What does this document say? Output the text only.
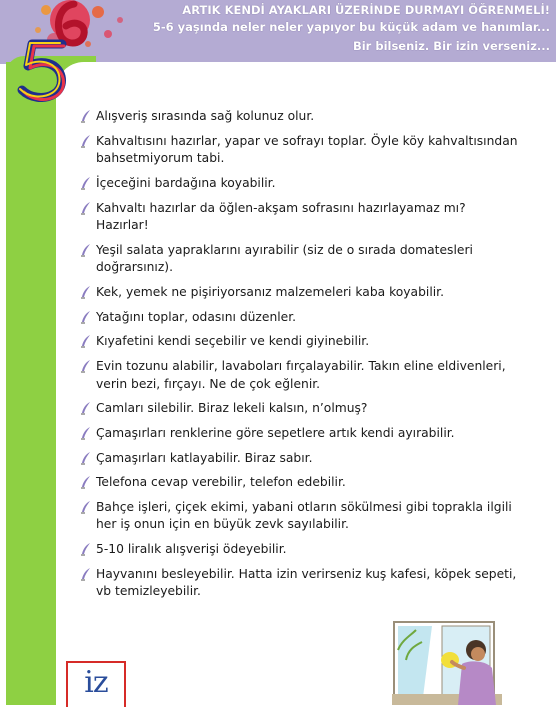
ARTIK KENDİ AYAKLARI ÜZERİNDE DURMAYI ÖĞRENMELİ!
5-6 yaşında neler neler yapıyor bu küçük adam ve hanımlar...
Bir bilseniz. Bir izin verseniz...
Alışveriş sırasında sağ kolunuz olur.
Kahvaltısını hazırlar, yapar ve sofrayı toplar. Öyle köy kahvaltısından
bahsetmiyorum tabi.
İçeceğini bardağına koyabilir.
Kahvaltı hazırlar da öğlen-akşam sofrasını hazırlayamaz mı?
Hazırlar!
Yeşil salata yapraklarını ayırabilir (siz de o sırada domatesleri
doğrarsınız).
Kek, yemek ne pişiriyorsanız malzemeleri kaba koyabilir.
Yatağını toplar, odasını düzenler.
Kıyafetini kendi seçebilir ve kendi giyinebilir.
Evin tozunu alabilir, lavaboları fırçalayabilir. Takın eline eldivenleri,
verin bezi, fırçayı. Ne de çok eğlenir.
Camları silebilir. Biraz lekeli kalsın, n’olmuş?
Çamaşırları renklerine göre sepetlere artık kendi ayırabilir.
Çamaşırları katlayabilir. Biraz sabır.
Telefona cevap verebilir, telefon edebilir.
Bahçe işleri, çiçek ekimi, yabani otların sökülmesi gibi toprakla ilgili
her iş onun için en büyük zevk sayılabilir.
5-10 liralık alışverişi ödeyebilir.
Hayvanını besleyebilir. Hatta izin verirseniz kuş kafesi, köpek sepeti,
vb temizleyebilir.
iz
